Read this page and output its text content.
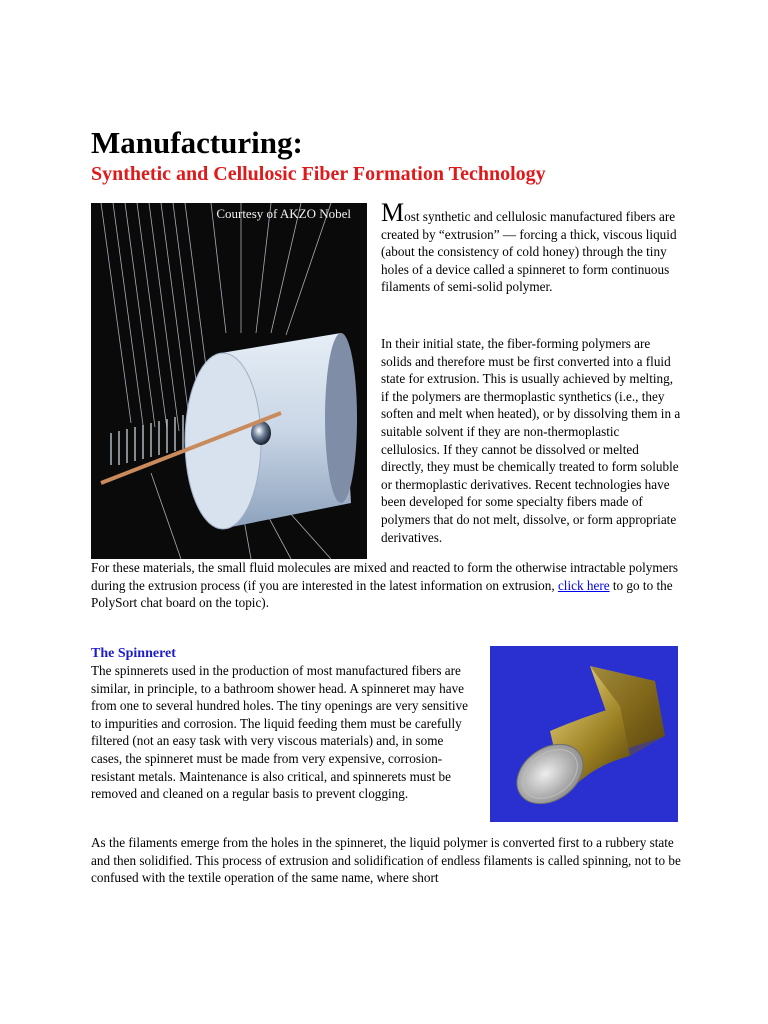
Manufacturing:
Synthetic and Cellulosic Fiber Formation Technology
Courtesy of AKZO Nobel Most synthetic and cellulosic manufactured fibers are created by “extrusion” — forcing a thick, viscous liquid (about the consistency of cold honey) through the tiny holes of a device called a spinneret to form continuous filaments of semi-solid polymer.

In their initial state, the fiber-forming polymers are solids and therefore must be first converted into a fluid state for extrusion. This is usually achieved by melting, if the polymers are thermoplastic synthetics (i.e., they soften and melt when heated), or by dissolving them in a suitable solvent if they are non-thermoplastic cellulosics. If they cannot be dissolved or melted directly, they must be chemically treated to form soluble or thermoplastic derivatives. Recent technologies have been developed for some specialty fibers made of polymers that do not melt, dissolve, or form appropriate derivatives.

For these materials, the small fluid molecules are mixed and reacted to form the otherwise intractable polymers during the extrusion process (if you are interested in the latest information on extrusion, click here to go to the PolySort chat board on the topic).

The Spinneret

The spinnerets used in the production of most manufactured fibers are similar, in principle, to a bathroom shower head. A spinneret may have from one to several hundred holes. The tiny openings are very sensitive to impurities and corrosion. The liquid feeding them must be carefully filtered (not an easy task with very viscous materials) and, in some cases, the spinneret must be made from very expensive, corrosion-resistant metals. Maintenance is also critical, and spinnerets must be removed and cleaned on a regular basis to prevent clogging.

As the filaments emerge from the holes in the spinneret, the liquid polymer is converted first to a rubbery state and then solidified. This process of extrusion and solidification of endless filaments is called spinning, not to be confused with the textile operation of the same name, where short
